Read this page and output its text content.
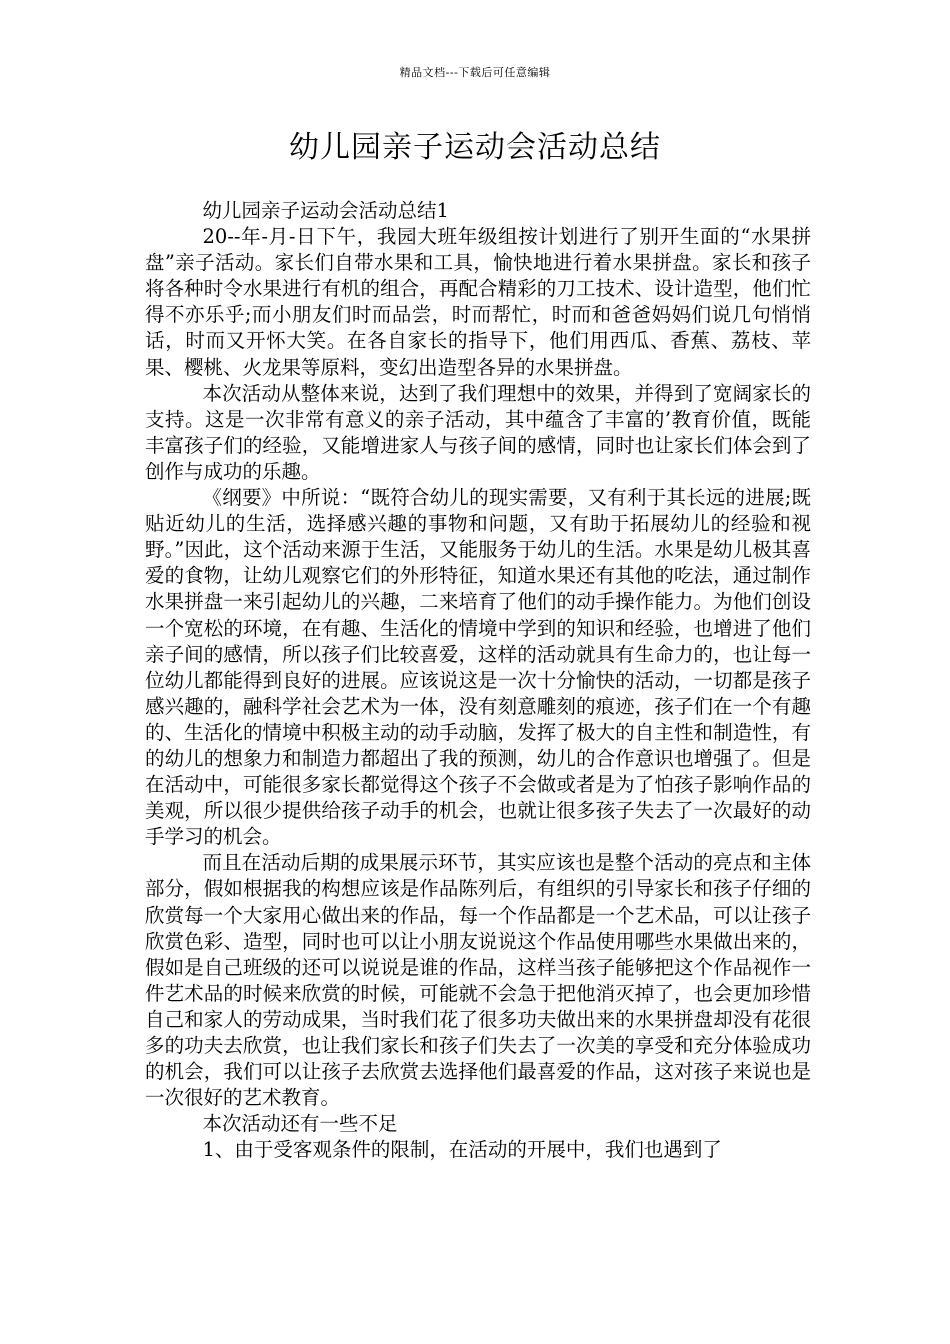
精品文档---下载后可任意编辑
幼儿园亲子运动会活动总结

幼儿园亲子运动会活动总结1

20--年-月-日下午，我园大班年级组按计划进行了别开生面的“水果拼盘”亲子活动。家长们自带水果和工具，愉快地进行着水果拼盘。家长和孩子将各种时令水果进行有机的组合，再配合精彩的刀工技术、设计造型，他们忙得不亦乐乎;而小朋友们时而品尝，时而帮忙，时而和爸爸妈妈们说几句悄悄话，时而又开怀大笑。在各自家长的指导下，他们用西瓜、香蕉、荔枝、苹果、樱桃、火龙果等原料，变幻出造型各异的水果拼盘。

本次活动从整体来说，达到了我们理想中的效果，并得到了宽阔家长的支持。这是一次非常有意义的亲子活动，其中蕴含了丰富的’教育价值，既能丰富孩子们的经验，又能增进家人与孩子间的感情，同时也让家长们体会到了创作与成功的乐趣。

《纲要》中所说：“既符合幼儿的现实需要，又有利于其长远的进展;既贴近幼儿的生活，选择感兴趣的事物和问题，又有助于拓展幼儿的经验和视野。”因此，这个活动来源于生活，又能服务于幼儿的生活。水果是幼儿极其喜爱的食物，让幼儿观察它们的外形特征，知道水果还有其他的吃法，通过制作水果拼盘一来引起幼儿的兴趣，二来培育了他们的动手操作能力。为他们创设一个宽松的环境，在有趣、生活化的情境中学到的知识和经验，也增进了他们亲子间的感情，所以孩子们比较喜爱，这样的活动就具有生命力的，也让每一位幼儿都能得到良好的进展。应该说这是一次十分愉快的活动，一切都是孩子感兴趣的，融科学社会艺术为一体，没有刻意雕刻的痕迹，孩子们在一个有趣的、生活化的情境中积极主动的动手动脑，发挥了极大的自主性和制造性，有的幼儿的想象力和制造力都超出了我的预测，幼儿的合作意识也增强了。但是在活动中，可能很多家长都觉得这个孩子不会做或者是为了怕孩子影响作品的美观，所以很少提供给孩子动手的机会，也就让很多孩子失去了一次最好的动手学习的机会。

而且在活动后期的成果展示环节，其实应该也是整个活动的亮点和主体部分，假如根据我的构想应该是作品陈列后，有组织的引导家长和孩子仔细的欣赏每一个大家用心做出来的作品，每一个作品都是一个艺术品，可以让孩子欣赏色彩、造型，同时也可以让小朋友说说这个作品使用哪些水果做出来的，假如是自己班级的还可以说说是谁的作品，这样当孩子能够把这个作品视作一件艺术品的时候来欣赏的时候，可能就不会急于把他消灭掉了，也会更加珍惜自己和家人的劳动成果，当时我们花了很多功夫做出来的水果拼盘却没有花很多的功夫去欣赏，也让我们家长和孩子们失去了一次美的享受和充分体验成功的机会，我们可以让孩子去欣赏去选择他们最喜爱的作品，这对孩子来说也是一次很好的艺术教育。

本次活动还有一些不足

1、由于受客观条件的限制，在活动的开展中，我们也遇到了
